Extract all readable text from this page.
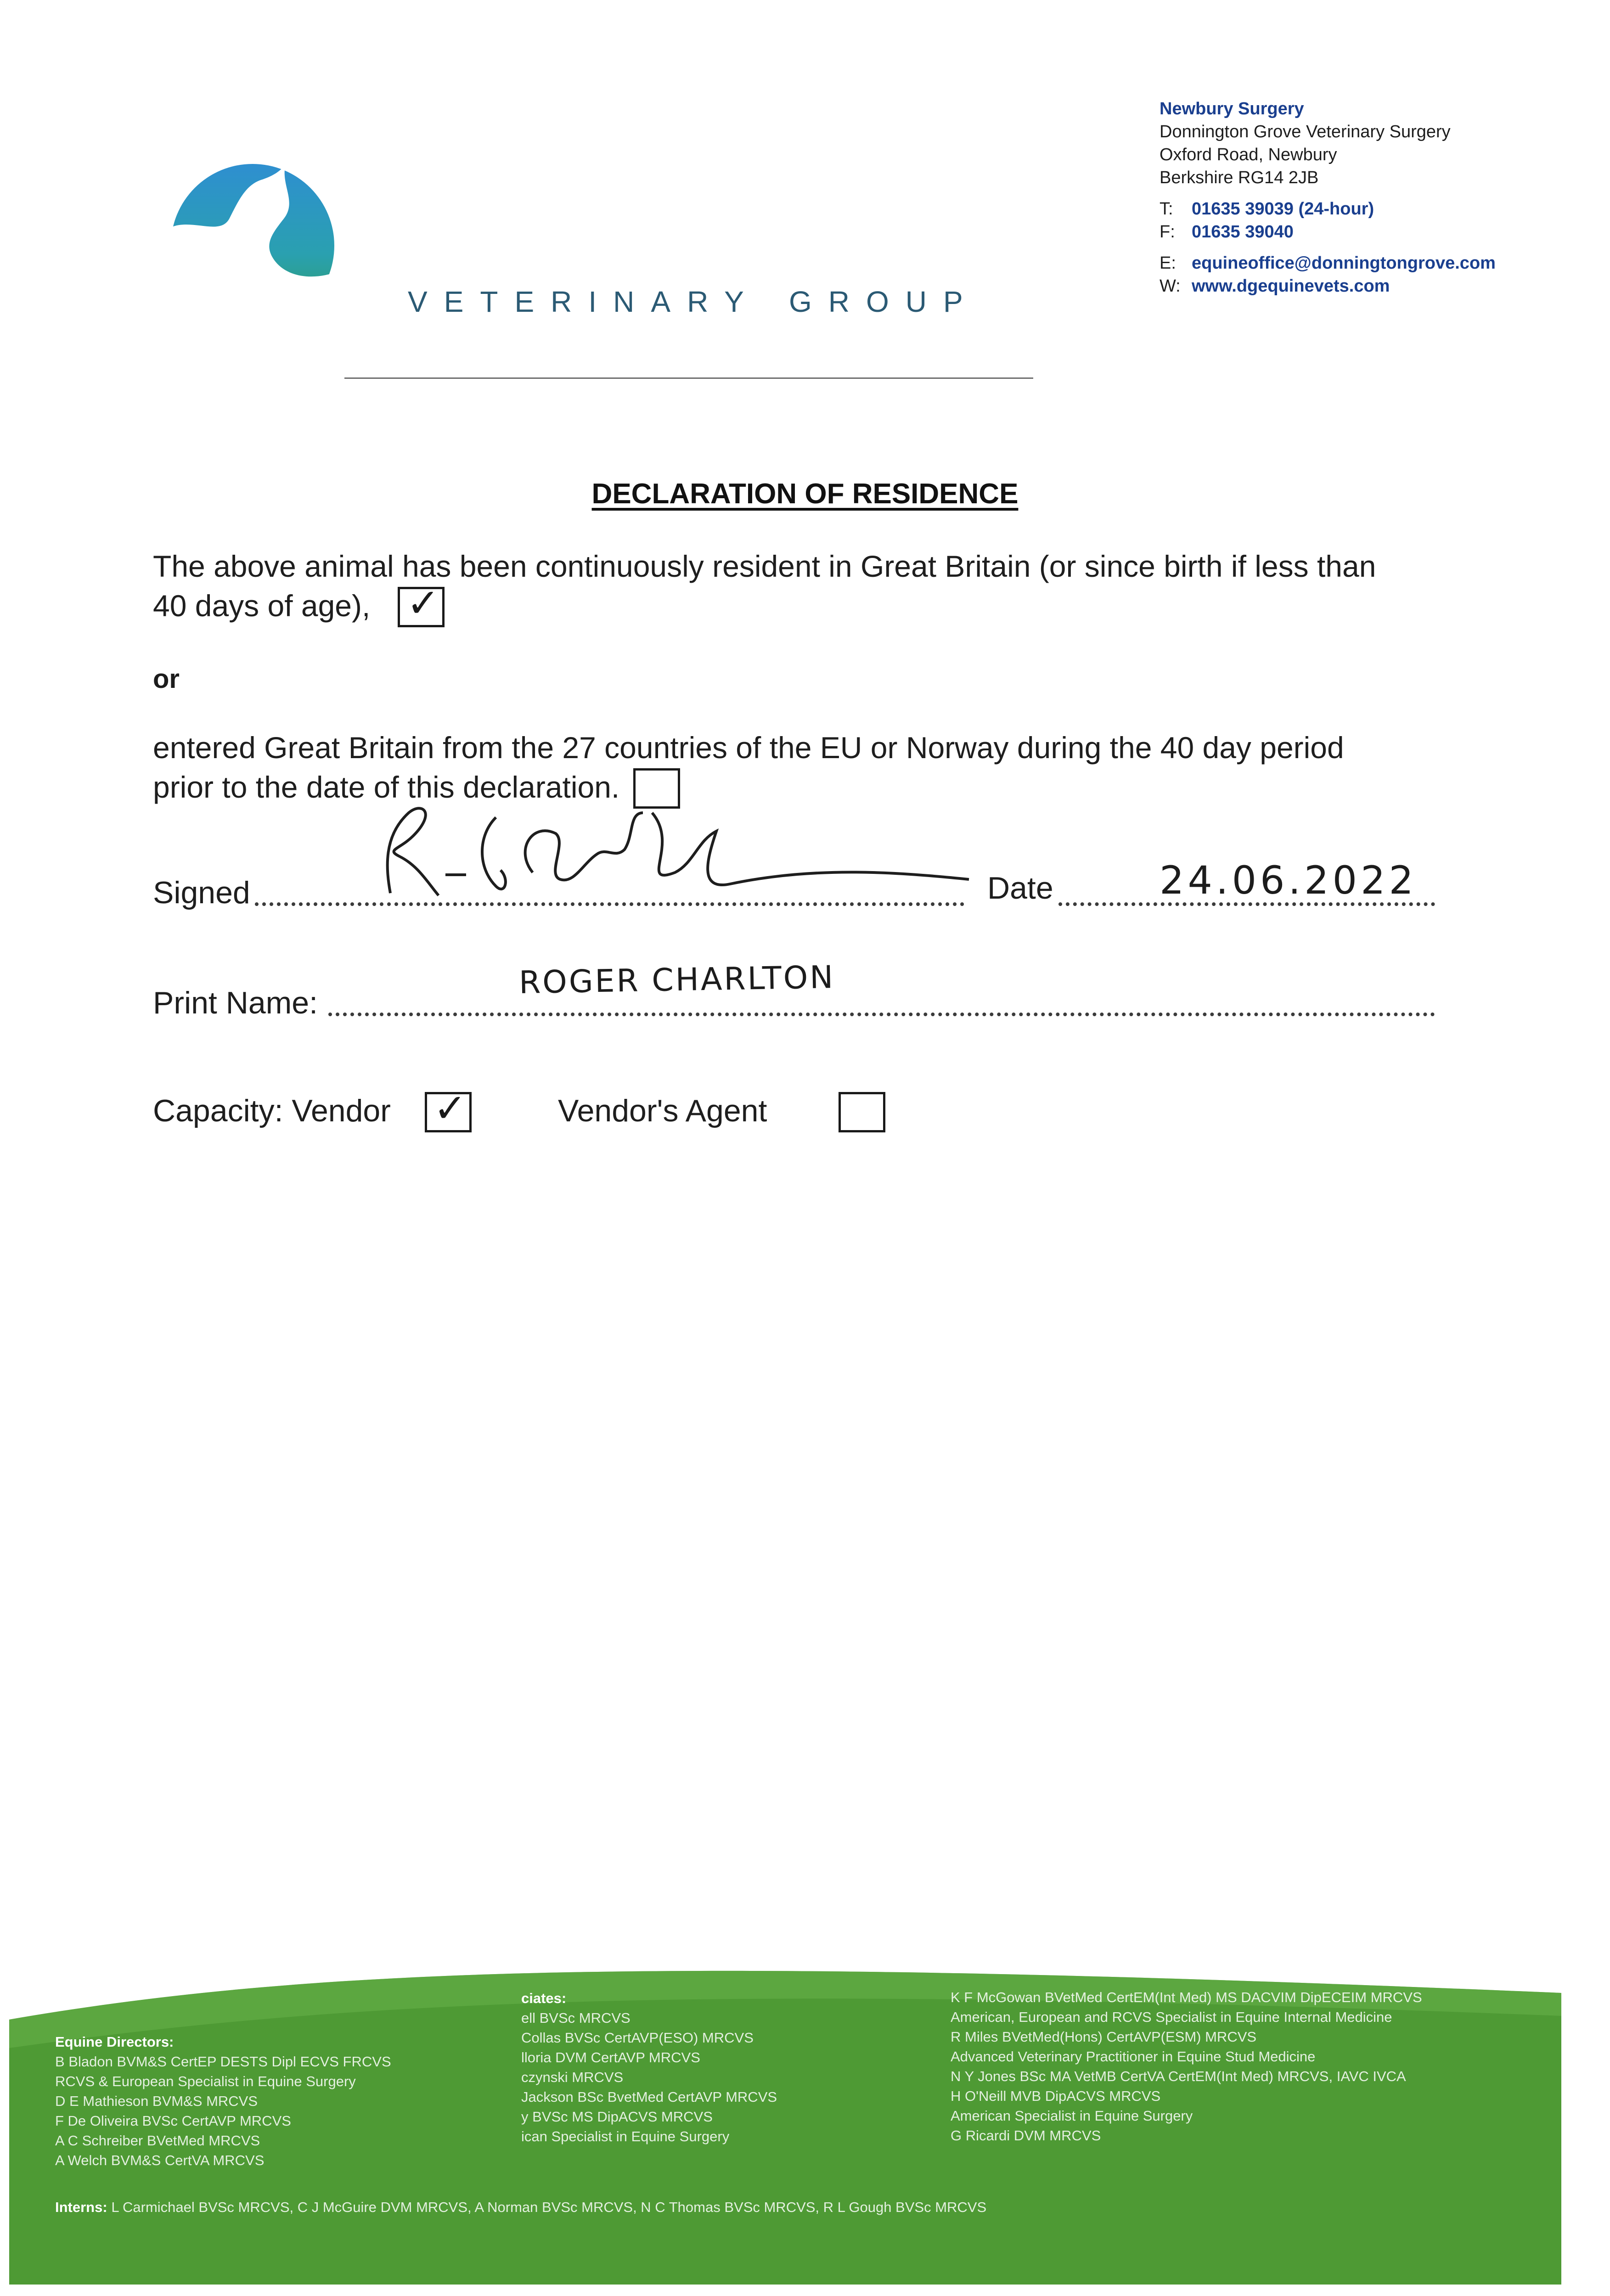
VETERINARY GROUP
Newbury Surgery
Donnington Grove Veterinary Surgery
Oxford Road, Newbury
Berkshire RG14 2JB
T:	01635 39039 (24-hour)
F: 01635 39040
E: equineoffice@donningtongrove.com
W: www.dgequinevets.com
DECLARATION OF RESIDENCE
The above animal has been continuously resident in Great Britain (or since birth if less than
40 days of age), ✓
or
entered Great Britain from the 27 countries of the EU or Norway during the 40 day period
prior to the date of this declaration.
Signed	Date	24.06.2022
Print Name:
ROGER CHARLTON
Capacity: Vendor ✓
	Vendor's Agent
Equine Directors:
B Bladon BVM&S CertEP DESTS Dipl ECVS FRCVS
RCVS & European Specialist in Equine Surgery
D E Mathieson BVM&S MRCVS
F De Oliveira BVSc CertAVP MRCVS
A C Schreiber BVetMed MRCVS
A Welch BVM&S CertVA MRCVS
ciates:
ell BVSc MRCVS
Collas BVSc CertAVP(ESO) MRCVS
lloria DVM CertAVP MRCVS
czynski MRCVS
Jackson BSc BvetMed CertAVP MRCVS
y BVSc MS DipACVS MRCVS
ican Specialist in Equine Surgery
K F McGowan BVetMed CertEM(Int Med) MS DACVIM DipECEIM MRCVS
American, European and RCVS Specialist in Equine Internal Medicine
R Miles BVetMed(Hons) CertAVP(ESM) MRCVS
Advanced Veterinary Practitioner in Equine Stud Medicine
N Y Jones BSc MA VetMB CertVA CertEM(Int Med) MRCVS, IAVC IVCA
H O'Neill MVB DipACVS MRCVS
American Specialist in Equine Surgery
G Ricardi DVM MRCVS
Interns: L Carmichael BVSc MRCVS, C J McGuire DVM MRCVS, A Norman BVSc MRCVS, N C Thomas BVSc MRCVS, R L Gough BVSc MRCVS
